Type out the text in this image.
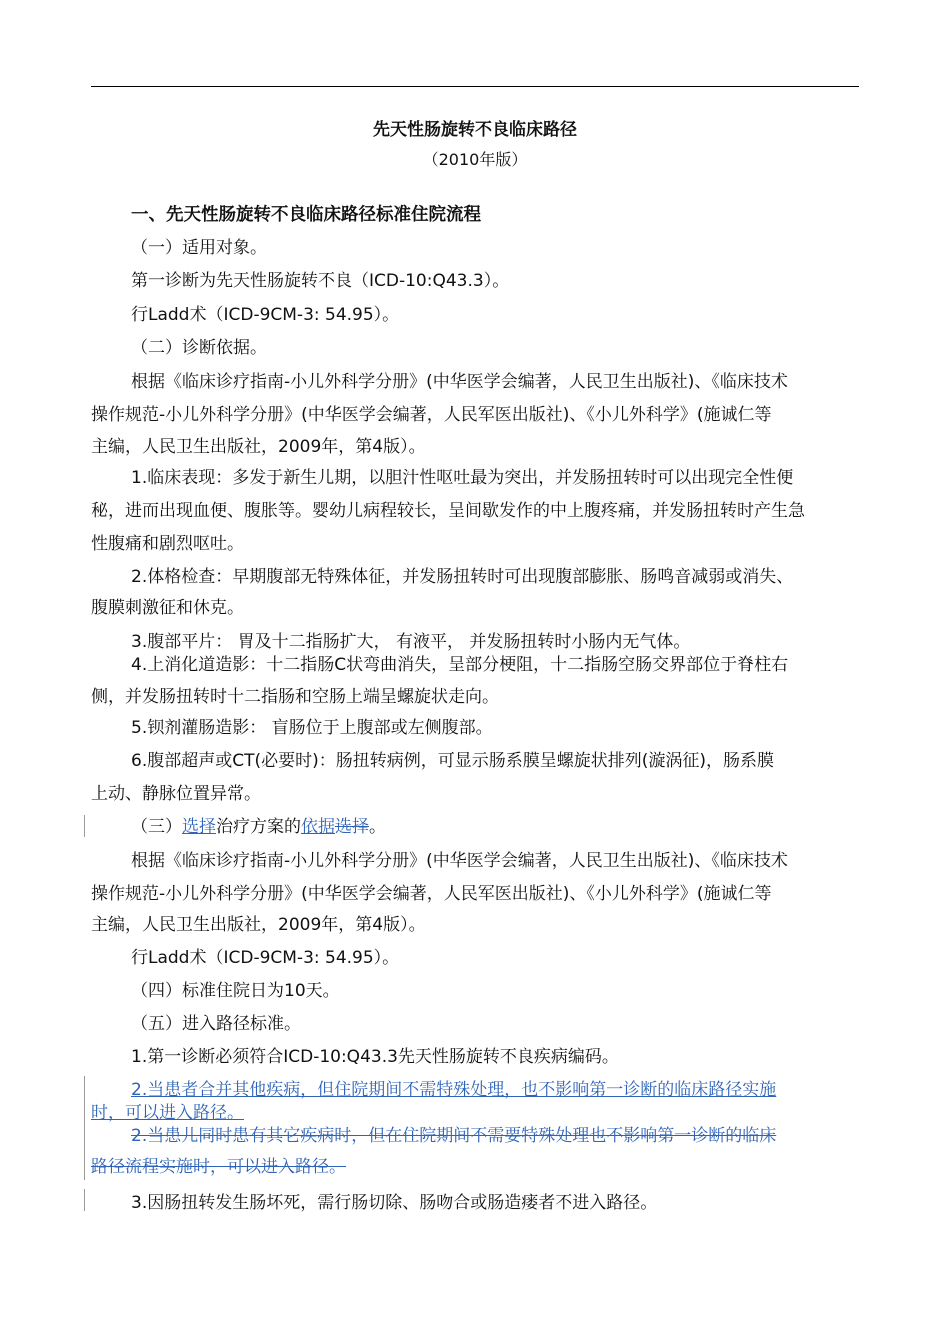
先天性肠旋转不良临床路径
（2010年版）
一、先天性肠旋转不良临床路径标准住院流程
（一）适用对象。
第一诊断为先天性肠旋转不良（ICD-10:Q43.3）。
行Ladd术（ICD-9CM-3: 54.95）。
（二）诊断依据。
根据《临床诊疗指南-小儿外科学分册》(中华医学会编著，人民卫生出版社)、《临床技术
操作规范-小儿外科学分册》(中华医学会编著，人民军医出版社)、《小儿外科学》(施诚仁等
主编，人民卫生出版社，2009年，第4版）。
1.临床表现：多发于新生儿期，以胆汁性呕吐最为突出，并发肠扭转时可以出现完全性便
秘，进而出现血便、腹胀等。婴幼儿病程较长，呈间歇发作的中上腹疼痛，并发肠扭转时产生急
性腹痛和剧烈呕吐。
2.体格检查：早期腹部无特殊体征，并发肠扭转时可出现腹部膨胀、肠鸣音减弱或消失、
腹膜刺激征和休克。
3.腹部平片： 胃及十二指肠扩大， 有液平， 并发肠扭转时小肠内无气体。
4.上消化道造影：十二指肠C状弯曲消失，呈部分梗阻，十二指肠空肠交界部位于脊柱右
侧，并发肠扭转时十二指肠和空肠上端呈螺旋状走向。
5.钡剂灌肠造影： 盲肠位于上腹部或左侧腹部。
6.腹部超声或CT(必要时)：肠扭转病例，可显示肠系膜呈螺旋状排列(漩涡征)，肠系膜
上动、静脉位置异常。
（三）选择治疗方案的依据选择。
根据《临床诊疗指南-小儿外科学分册》(中华医学会编著，人民卫生出版社)、《临床技术
操作规范-小儿外科学分册》(中华医学会编著，人民军医出版社)、《小儿外科学》(施诚仁等
主编，人民卫生出版社，2009年，第4版）。
行Ladd术（ICD-9CM-3: 54.95）。
（四）标准住院日为10天。
（五）进入路径标准。
1.第一诊断必须符合ICD-10:Q43.3先天性肠旋转不良疾病编码。
2.当患者合并其他疾病，但住院期间不需特殊处理，也不影响第一诊断的临床路径实施
时，可以进入路径。
2.当患儿同时患有其它疾病时，但在住院期间不需要特殊处理也不影响第一诊断的临床
路径流程实施时，可以进入路径。
3.因肠扭转发生肠坏死，需行肠切除、肠吻合或肠造瘘者不进入路径。
